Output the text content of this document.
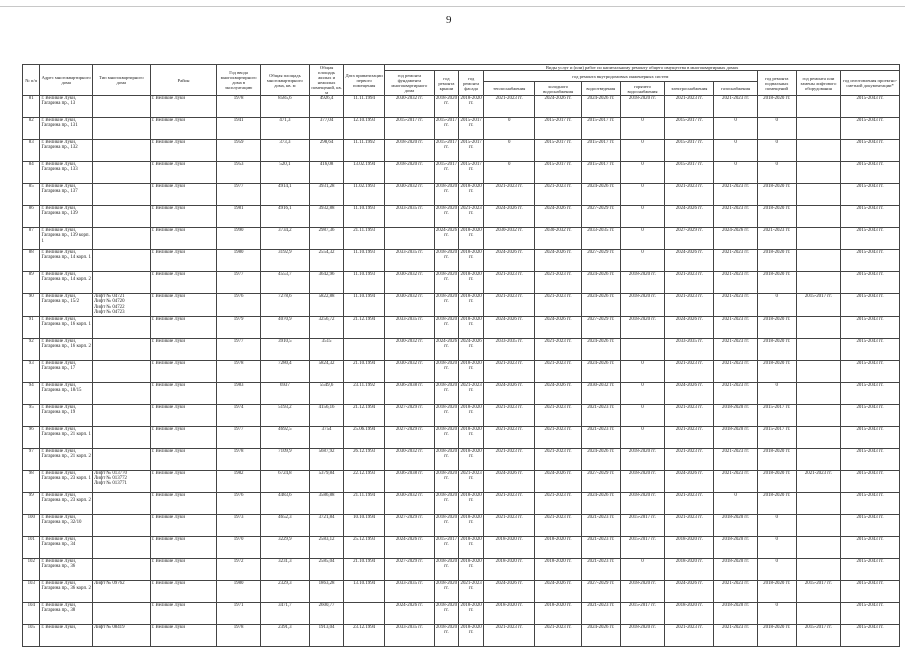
9
№ п/п	Адрес многоквартирного дома	Тип многоквартирного дома	Район	Год ввода многоквартирного дома в эксплуатацию	Общая площадь многоквартирного дома, кв. м	Общая площадь жилых и нежилых помещений, кв. м	Дата приватизации первого помещения	Виды услуг и (или) работ по капитальному ремонту общего имущества в многоквартирных домах											
								год ремонта фундамента многоквартирного дома	год ремонта крыши	год ремонта фасада	год ремонта внутридомовых инженерных систем						год ремонта подвальных помещений	год ремонта или замены лифтового оборудования	год изготовления проектно-сметной документации*
											теплоснабжения	холодного водоснабжения	водоотведения	горячего водоснабжения	электроснабжения	газоснабжения			
81	г. Великие Луки, Гагарина пр., 13		г. Великие Луки	1978	8585,6	4926,4	11.11.1994	2030-2032 гг.	2018-2020 гг.	2018-2020 гг.	2021-2023 гг.	2024-2026 гг.	2024-2026 гг.	2018-2020 гг.	2021-2023 гг.	2021-2023 гг.	2018-2020 гг.		2015-2043 гг.
82	г. Великие Луки, Гагарина пр., 131		г. Великие Луки	1941	471,3	377,04	12.10.1993	2015-2017 гг.	2015-2017 гг.	2015-2017 гг.	0	2015-2017 гг.	2015-2017 гг.	0	2015-2017 гг.	0	0		2015-2043 гг.
83	г. Великие Луки, Гагарина пр., 132		г. Великие Луки	1959	373,3	298,64	11.11.1992	2018-2020 гг.	2015-2017 гг.	2015-2017 гг.	0	2015-2017 гг.	2015-2017 гг.	0	2015-2017 гг.	0	0		2015-2043 гг.
84	г. Великие Луки, Гагарина пр., 133		г. Великие Луки	1953	520,1	416,08	13.02.1994	2018-2020 гг.	2015-2017 гг.	2015-2017 гг.	0	2015-2017 гг.	2015-2017 гг.	0	2015-2017 гг.	0	0		2015-2043 гг.
85	г. Великие Луки, Гагарина пр., 137		г. Великие Луки	1977	4914,1	3931,28	11.02.1993	2030-2032 гг.	2018-2020 гг.	2018-2020 гг.	2021-2023 гг.	2021-2023 гг.	2024-2026 гг.	0	2021-2023 гг.	2021-2023 гг.	2018-2020 гг.		2015-2043 гг.
86	г. Великие Луки, Гагарина пр., 139		г. Великие Луки	1981	4916,1	3932,88	11.10.1993	2033-2035 гг.	2018-2020 гг.	2021-2023 гг.	2024-2026 гг.	2024-2026 гг.	2027-2029 гг.	0	2024-2026 гг.	2021-2023 гг.	2018-2020 гг.		2015-2043 гг.
87	г. Великие Луки, Гагарина пр., 139 корп. 1		г. Великие Луки	1990	3734,2	2987,36	21.11.1993		2024-2026 гг.	2018-2020 гг.	2030-2032 гг.	2030-2032 гг.	2033-2035 гг.	0	2027-2029 гг.	2024-2026 гг.	2021-2023 гг.		2015-2043 гг.
88	г. Великие Луки, Гагарина пр., 14 корп. 1		г. Великие Луки	1980	3192,9	2554,32	11.10.1993	2033-2035 гг.	2018-2020 гг.	2018-2020 гг.	2024-2026 гг.	2024-2026 гг.	2027-2029 гг.	0	2024-2026 гг.	2021-2023 гг.	2018-2020 гг.		2015-2043 гг.
89	г. Великие Луки, Гагарина пр., 14 корп. 2		г. Великие Луки	1977	4553,7	3642,96	11.10.1993	2030-2032 гг.	2018-2020 гг.	2018-2020 гг.	2021-2023 гг.	2021-2023 гг.	2024-2026 гг.	2018-2020 гг.	2021-2023 гг.	2021-2023 гг.	2018-2020 гг.		2015-2043 гг.
90	г. Великие Луки, Гагарина пр., 15/2	Лифт № 04721
Лифт № 04720
Лифт № 04722
Лифт № 04723	г. Великие Луки	1976	7278,6	5822,88	11.10.1994	2030-2032 гг.	2018-2020 гг.	2018-2020 гг.	2021-2023 гг.	2021-2023 гг.	2024-2026 гг.	2018-2020 гг.	2021-2023 гг.	2021-2023 гг.	0	2015-2017 гг.	2015-2043 гг.
91	г. Великие Луки, Гагарина пр., 16 корп. 1		г. Великие Луки	1979	4070,9	3256,72	21.12.1994	2033-2035 гг.	2018-2020 гг.	2018-2020 гг.	2024-2026 гг.	2024-2026 гг.	2027-2029 гг.	2018-2020 гг.	2024-2026 гг.	2021-2023 гг.	2018-2020 гг.		2015-2043 гг.
92	г. Великие Луки, Гагарина пр., 16 корп. 2		г. Великие Луки	1977	3910,5	3515		2030-2032 гг.	2024-2026 гг.	2024-2026 гг.	2033-2035 гг.	2021-2023 гг.	2024-2026 гг.		2033-2035 гг.	2021-2023 гг.	2018-2020 гг.		2015-2043 гг.
93	г. Великие Луки, Гагарина пр., 17		г. Великие Луки	1978	7280,4	5824,32	21.10.1994	2030-2032 гг.	2018-2020 гг.	2018-2020 гг.	2021-2023 гг.	2021-2023 гг.	2024-2026 гг.	0	2021-2023 гг.	2021-2023 гг.	2018-2020 гг.		2015-2043 гг.
94	г. Великие Луки, Гагарина пр., 18/15		г. Великие Луки	1983	6937	5549,6	23.11.1992	2036-2038 гг.	2018-2020 гг.	2021-2023 гг.	2024-2026 гг.	2024-2026 гг.	2030-2032 гг.	0	2024-2026 гг.	2021-2023 гг.	0		2015-2043 гг.
95	г. Великие Луки, Гагарина пр., 19		г. Великие Луки	1974	5193,2	4156,16	21.12.1994	2027-2029 гг.	2018-2020 гг.	2018-2020 гг.	2021-2023 гг.	2021-2023 гг.	2021-2023 гг.	0	2021-2023 гг.	2018-2020 гг.	2015-2017 гг.		2015-2043 гг.
96	г. Великие Луки, Гагарина пр., 21 корп. 1		г. Великие Луки	1977	4692,5	3754	25.06.1994	2027-2029 гг.	2018-2020 гг.	2018-2020 гг.	2021-2023 гг.	2021-2023 гг.	2021-2023 гг.	0	2021-2023 гг.	2018-2020 гг.	2015-2017 гг.		2015-2043 гг.
97	г. Великие Луки, Гагарина пр., 21 корп. 2		г. Великие Луки	1978	7109,9	5687,92	26.12.1993	2030-2032 гг.	2018-2020 гг.	2018-2020 гг.	2021-2023 гг.	2021-2023 гг.	2024-2026 гг.	2018-2020 гг.	2021-2023 гг.	2021-2023 гг.	2018-2020 гг.		2015-2043 гг.
98	г. Великие Луки, Гагарина пр., 23 корп. 1	Лифт № 013770
Лифт № 013772
Лифт № 013771	г. Великие Луки	1982	6724,8	5379,84	22.12.1993	2036-2038 гг.	2018-2020 гг.	2021-2023 гг.	2024-2026 гг.	2024-2026 гг.	2027-2029 гг.	2018-2020 гг.	2024-2026 гг.	2021-2023 гг.	2018-2020 гг.	2021-2023 гг.	2015-2043 гг.
99	г. Великие Луки, Гагарина пр., 23 корп. 2		г. Великие Луки	1976	4483,6	3586,88	21.11.1994	2030-2032 гг.	2018-2020 гг.	2018-2020 гг.	2021-2023 гг.	2021-2023 гг.	2024-2026 гг.	2018-2020 гг.	2021-2023 гг.	0	2018-2020 гг.		2015-2043 гг.
100	г. Великие Луки, Гагарина пр., 32/10		г. Великие Луки	1973	4652,3	3721,84	10.10.1994	2027-2029 гг.	2018-2020 гг.	2018-2020 гг.	2021-2023 гг.	2021-2023 гг.	2021-2023 гг.	2015-2017 гг.	2021-2023 гг.	2018-2020 гг.	0		2015-2043 гг.
101	г. Великие Луки, Гагарина пр., 34		г. Великие Луки	1970	3229,9	2583,12	25.12.1993	2024-2026 гг.	2015-2017 гг.	2018-2020 гг.	2018-2020 гг.	2018-2020 гг.	2021-2023 гг.	2015-2017 гг.	2018-2020 гг.	2018-2020 гг.	0		2015-2043 гг.
102	г. Великие Луки, Гагарина пр., 36		г. Великие Луки	1972	3231,3	2585,04	21.10.1994	2027-2029 гг.	2018-2020 гг.	2018-2020 гг.	2018-2020 гг.	2018-2020 гг.	2021-2023 гг.	0	2018-2020 гг.	2018-2020 гг.	0		2015-2043 гг.
103	г. Великие Луки, Гагарина пр., 36 корп. 2	Лифт № 09762	г. Великие Луки	1980	2329,3	1863,28	13.10.1994	2033-2035 гг.	2018-2020 гг.	2021-2023 гг.	2024-2026 гг.	2024-2026 гг.	2027-2029 гг.	2018-2020 гг.	2024-2026 гг.	2021-2023 гг.	2018-2020 гг.	2015-2017 гг.	2015-2043 гг.
104	г. Великие Луки, Гагарина пр., 38		г. Великие Луки	1971	3471,7	2600,77		2024-2026 гг.	2018-2020 гг.	2018-2020 гг.	2018-2020 гг.	2018-2020 гг.	2021-2023 гг.	2015-2017 гг.	2018-2020 гг.	2018-2020 гг.	0		2015-2043 гг.
105	г. Великие Луки,	Лифт № 08419	г. Великие Луки	1978	2391,3	1913,04	23.12.1994	2033-2035 гг.	2018-2020 гг.	2018-2020 гг.	2021-2023 гг.	2021-2023 гг.	2024-2026 гг.	2018-2020 гг.	2021-2023 гг.	2021-2023 гг.	2018-2020 гг.	2015-2017 гг.	2015-2043 гг.
